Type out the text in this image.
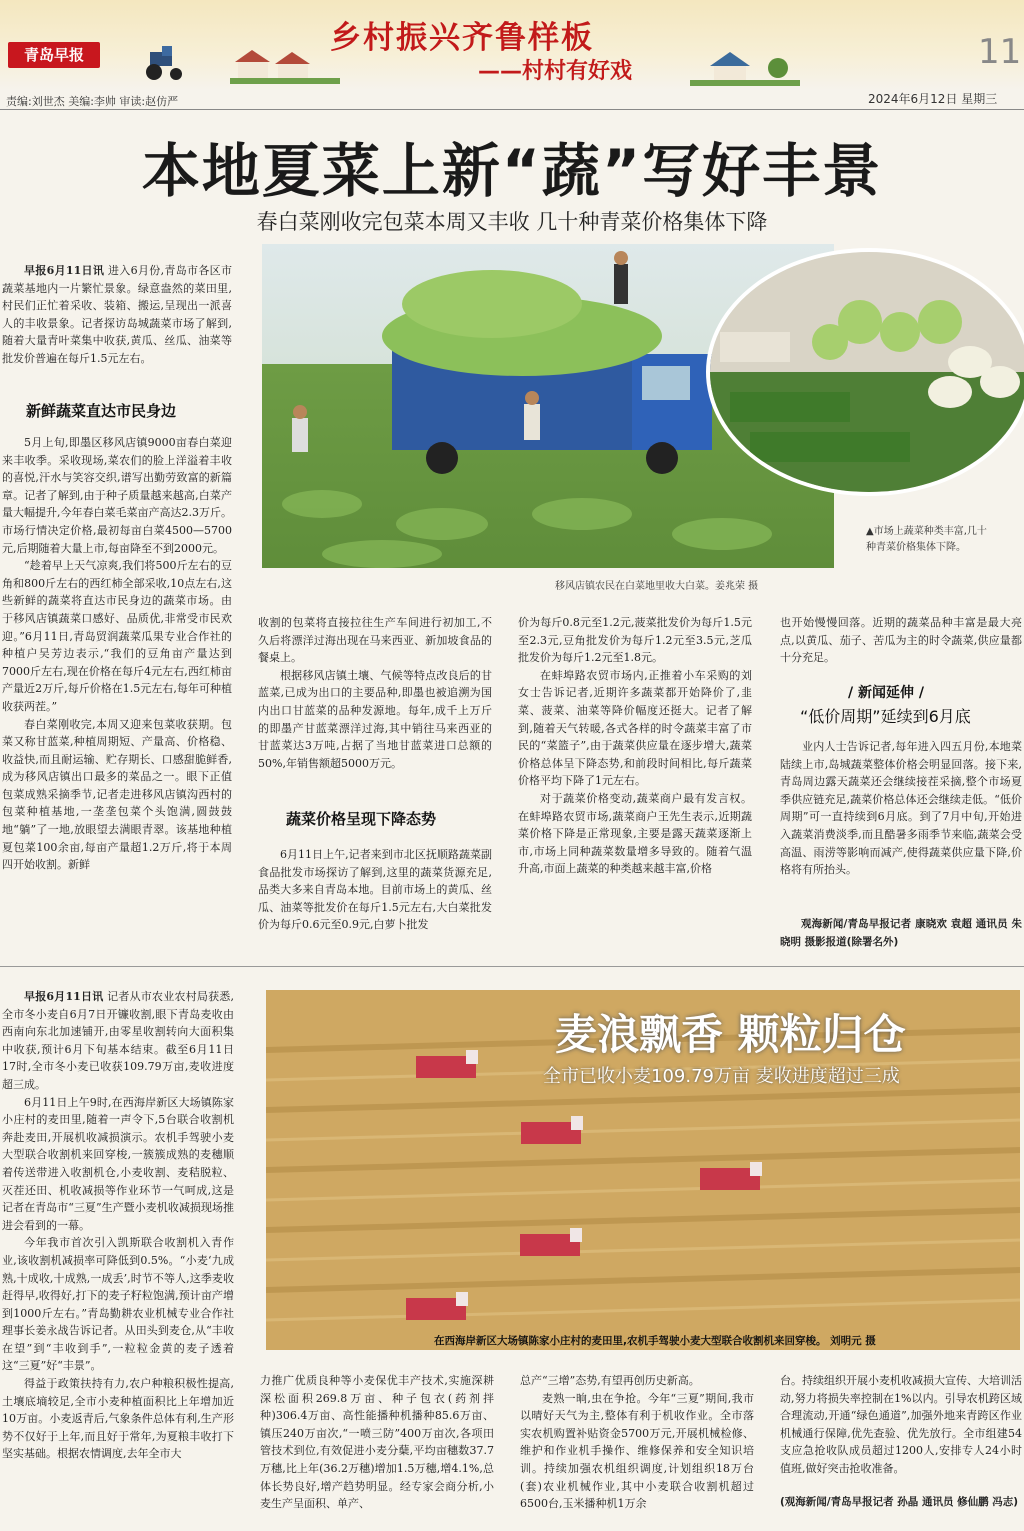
青岛早报	乡村振兴齐鲁样板
——村村有好戏	11
责编:刘世杰 美编:李帅 审读:赵仿严	2024年6月12日 星期三
本地夏菜上新“蔬”写好丰景
春白菜刚收完包菜本周又丰收 几十种青菜价格集体下降

早报6月11日讯 进入6月份,青岛市各区市蔬菜基地内一片繁忙景象。绿意盎然的菜田里,村民们正忙着采收、装箱、搬运,呈现出一派喜人的丰收景象。记者探访岛城蔬菜市场了解到,随着大量青叶菜集中收获,黄瓜、丝瓜、油菜等批发价普遍在每斤1.5元左右。

新鲜蔬菜直达市民身边

5月上旬,即墨区移风店镇9000亩春白菜迎来丰收季。采收现场,菜农们的脸上洋溢着丰收的喜悦,汗水与笑容交织,谱写出勤劳致富的新篇章。记者了解到,由于种子质量越来越高,白菜产量大幅提升,今年春白菜毛菜亩产高达2.3万斤。市场行情决定价格,最初每亩白菜4500—5700元,后期随着大量上市,每亩降至不到2000元。

“趁着早上天气凉爽,我们将500斤左右的豆角和800斤左右的西红柿全部采收,10点左右,这些新鲜的蔬菜将直达市民身边的蔬菜市场。由于移风店镇蔬菜口感好、品质优,非常受市民欢迎。”6月11日,青岛贸润蔬菜瓜果专业合作社的种植户吴芳边表示,“我们的豆角亩产量达到7000斤左右,现在价格在每斤4元左右,西红柿亩产量近2万斤,每斤价格在1.5元左右,每年可种植收获两茬。”

春白菜刚收完,本周又迎来包菜收获期。包菜又称甘蓝菜,种植周期短、产量高、价格稳、收益快,而且耐运输、贮存期长、口感甜脆鲜香,成为移风店镇出口最多的菜品之一。眼下正值包菜成熟采摘季节,记者走进移风店镇沟西村的包菜种植基地,一垄垄包菜个头饱满,圆鼓鼓地“躺”了一地,放眼望去满眼青翠。该基地种植夏包菜100余亩,每亩产量超1.2万斤,将于本周四开始收割。新鲜

移风店镇农民在白菜地里收大白菜。姜兆荣 摄
▲市场上蔬菜种类丰富,几十种青菜价格集体下降。

收割的包菜将直接拉往生产车间进行初加工,不久后将漂洋过海出现在马来西亚、新加坡食品的餐桌上。

根据移风店镇土壤、气候等特点改良后的甘蓝菜,已成为出口的主要品种,即墨也被追溯为国内出口甘蓝菜的品种发源地。每年,成千上万斤的即墨产甘蓝菜漂洋过海,其中销往马来西亚的甘蓝菜达3万吨,占据了当地甘蓝菜进口总额的50%,年销售额超5000万元。

蔬菜价格呈现下降态势

6月11日上午,记者来到市北区抚顺路蔬菜副食品批发市场探访了解到,这里的蔬菜货源充足,品类大多来自青岛本地。目前市场上的黄瓜、丝瓜、油菜等批发价在每斤1.5元左右,大白菜批发价为每斤0.6元至0.9元,白萝卜批发

价为每斤0.8元至1.2元,菠菜批发价为每斤1.5元至2.3元,豆角批发价为每斤1.2元至3.5元,芝瓜批发价为每斤1.2元至1.8元。

在蚌埠路农贸市场内,正推着小车采购的刘女士告诉记者,近期许多蔬菜都开始降价了,韭菜、菠菜、油菜等降价幅度还挺大。记者了解到,随着天气转暖,各式各样的时令蔬菜丰富了市民的“菜篮子”,由于蔬菜供应量在逐步增大,蔬菜价格总体呈下降态势,和前段时间相比,每斤蔬菜价格平均下降了1元左右。

对于蔬菜价格变动,蔬菜商户最有发言权。在蚌埠路农贸市场,蔬菜商户王先生表示,近期蔬菜价格下降是正常现象,主要是露天蔬菜逐渐上市,市场上同种蔬菜数量增多导致的。随着气温升高,市面上蔬菜的种类越来越丰富,价格

也开始慢慢回落。近期的蔬菜品种丰富是最大亮点,以黄瓜、茄子、苦瓜为主的时令蔬菜,供应量都十分充足。

/ 新闻延伸 /
“低价周期”延续到6月底

业内人士告诉记者,每年进入四五月份,本地菜陆续上市,岛城蔬菜整体价格会明显回落。接下来,青岛周边露天蔬菜还会继续接茬采摘,整个市场夏季供应链充足,蔬菜价格总体还会继续走低。“低价周期”可一直持续到6月底。到了7月中旬,开始进入蔬菜消费淡季,而且酷暑多雨季节来临,蔬菜会受高温、雨涝等影响而减产,使得蔬菜供应量下降,价格将有所抬头。

观海新闻/青岛早报记者 康晓欢 袁超 通讯员 朱晓明 摄影报道(除署名外)

麦浪飘香 颗粒归仓
全市已收小麦109.79万亩 麦收进度超过三成
在西海岸新区大场镇陈家小庄村的麦田里,农机手驾驶小麦大型联合收割机来回穿梭。 刘明元 摄

早报6月11日讯 记者从市农业农村局获悉,全市冬小麦自6月7日开镰收割,眼下青岛麦收由西南向东北加速铺开,由零星收割转向大面积集中收获,预计6月下旬基本结束。截至6月11日17时,全市冬小麦已收获109.79万亩,麦收进度超三成。

6月11日上午9时,在西海岸新区大场镇陈家小庄村的麦田里,随着一声令下,5台联合收割机奔赴麦田,开展机收减损演示。农机手驾驶小麦大型联合收割机来回穿梭,一簇簇成熟的麦穗顺着传送带进入收割机仓,小麦收割、麦秸脱粒、灭茬还田、机收减损等作业环节一气呵成,这是记者在青岛市“三夏”生产暨小麦机收减损现场推进会看到的一幕。

今年我市首次引入凯斯联合收割机入青作业,该收割机减损率可降低到0.5%。“小麦‘九成熟,十成收,十成熟,一成丢’,时节不等人,这季麦收赶得早,收得好,打下的麦子籽粒饱满,预计亩产增到1000斤左右。”青岛勤耕农业机械专业合作社理事长姜永战告诉记者。从田头到麦仓,从“丰收在望”到“丰收到手”,一粒粒金黄的麦子透着这“三夏”好“丰景”。

得益于政策扶持有力,农户种粮积极性提高,土壤底墒较足,全市小麦种植面积比上年增加近10万亩。小麦返青后,气象条件总体有利,生产形势不仅好于上年,而且好于常年,为夏粮丰收打下坚实基础。根据农情调度,去年全市大

力推广优质良种等小麦保优丰产技术,实施深耕深松面积269.8万亩、种子包衣(药剂拌种)306.4万亩、高性能播种机播种85.6万亩、镇压240万亩次,“一喷三防”400万亩次,各项田管技术到位,有效促进小麦分蘖,平均亩穗数37.7万穗,比上年(36.2万穗)增加1.5万穗,增4.1%,总体长势良好,增产趋势明显。经专家会商分析,小麦生产呈面积、单产、

总产“三增”态势,有望再创历史新高。

麦熟一晌,虫在争抢。今年“三夏”期间,我市以晴好天气为主,整体有利于机收作业。全市落实农机购置补贴资金5700万元,开展机械检修、维护和作业机手操作、维修保养和安全知识培训。持续加强农机组织调度,计划组织18万台(套)农业机械作业,其中小麦联合收割机超过6500台,玉米播种机1万余

台。持续组织开展小麦机收减损大宣传、大培训活动,努力将损失率控制在1%以内。引导农机跨区域合理流动,开通“绿色通道”,加强外地来青跨区作业机械通行保障,优先查验、优先放行。全市组建54支应急抢收队成员超过1200人,安排专人24小时值班,做好突击抢收准备。

(观海新闻/青岛早报记者 孙晶 通讯员 修仙鹏 冯志)
